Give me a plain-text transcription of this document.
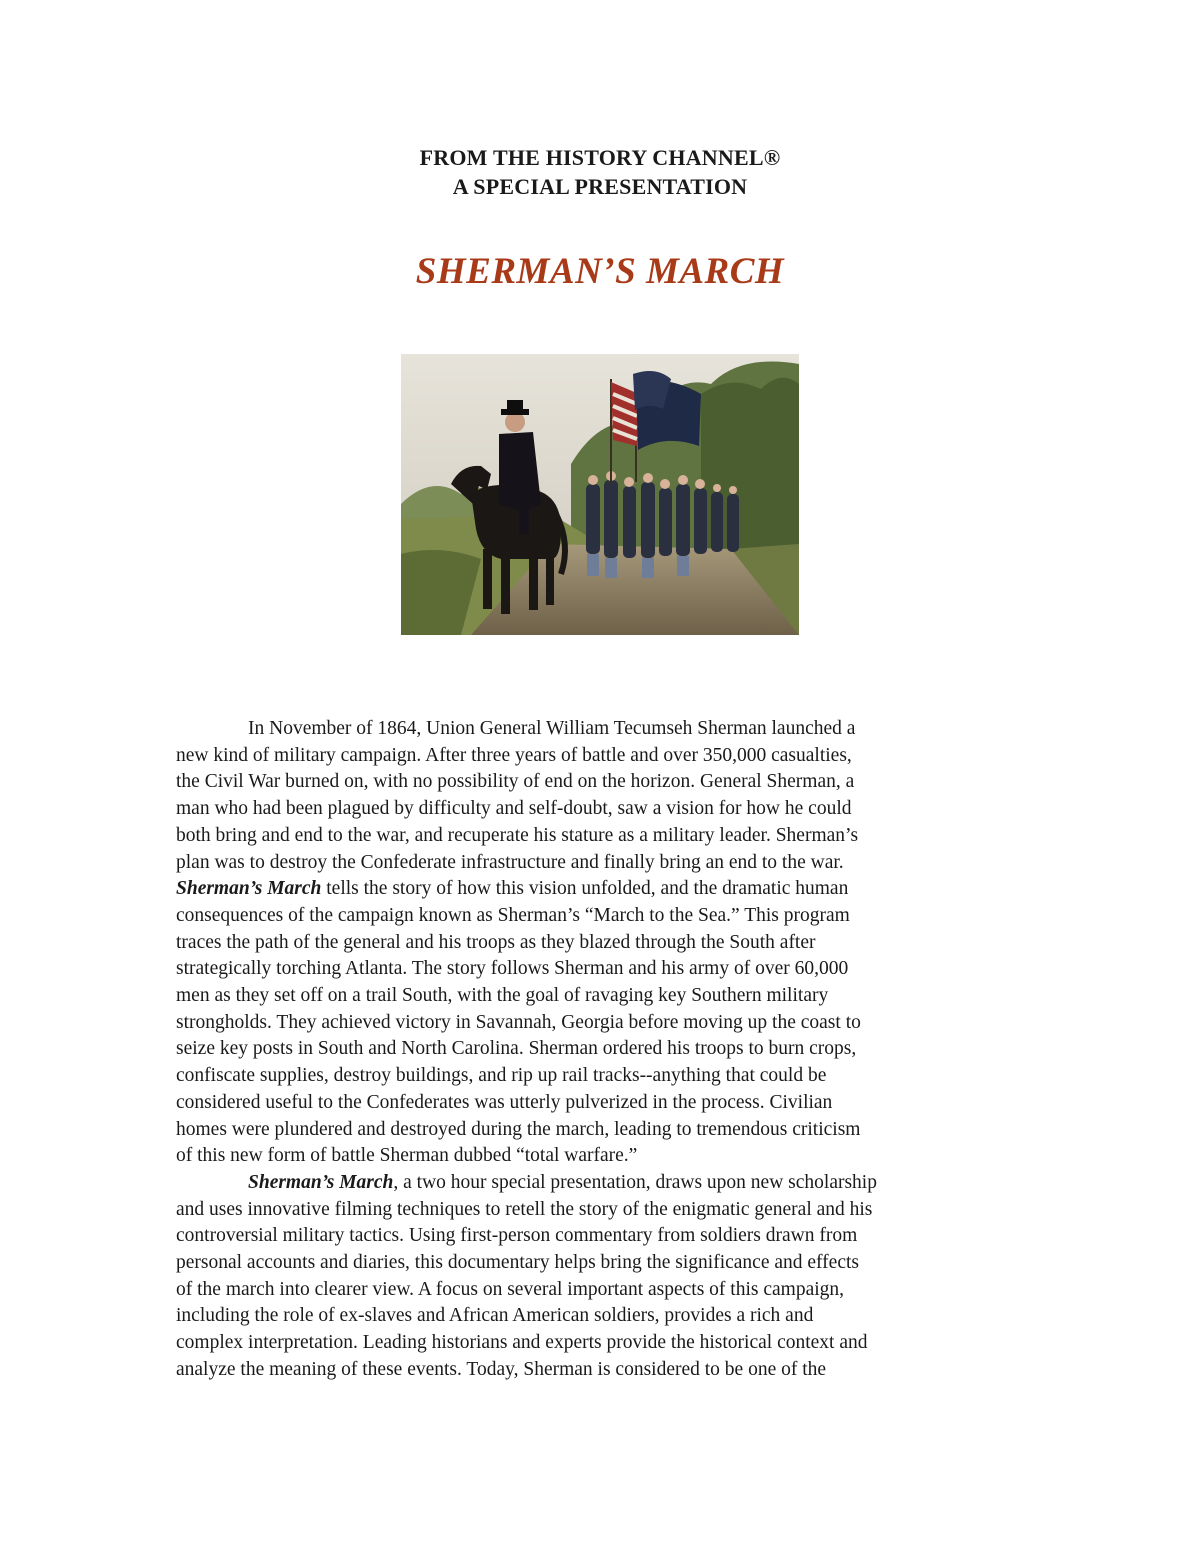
FROM THE HISTORY CHANNEL®
A SPECIAL PRESENTATION
SHERMAN’S MARCH
In November of 1864, Union General William Tecumseh Sherman launched a
new kind of military campaign. After three years of battle and over 350,000 casualties,
the Civil War burned on, with no possibility of end on the horizon. General Sherman, a
man who had been plagued by difficulty and self-doubt, saw a vision for how he could
both bring and end to the war, and recuperate his stature as a military leader. Sherman’s
plan was to destroy the Confederate infrastructure and finally bring an end to the war.
Sherman’s March tells the story of how this vision unfolded, and the dramatic human
consequences of the campaign known as Sherman’s “March to the Sea.” This program
traces the path of the general and his troops as they blazed through the South after
strategically torching Atlanta. The story follows Sherman and his army of over 60,000
men as they set off on a trail South, with the goal of ravaging key Southern military
strongholds. They achieved victory in Savannah, Georgia before moving up the coast to
seize key posts in South and North Carolina. Sherman ordered his troops to burn crops,
confiscate supplies, destroy buildings, and rip up rail tracks--anything that could be
considered useful to the Confederates was utterly pulverized in the process. Civilian
homes were plundered and destroyed during the march, leading to tremendous criticism
of this new form of battle Sherman dubbed “total warfare.”
Sherman’s March, a two hour special presentation, draws upon new scholarship
and uses innovative filming techniques to retell the story of the enigmatic general and his
controversial military tactics. Using first-person commentary from soldiers drawn from
personal accounts and diaries, this documentary helps bring the significance and effects
of the march into clearer view. A focus on several important aspects of this campaign,
including the role of ex-slaves and African American soldiers, provides a rich and
complex interpretation. Leading historians and experts provide the historical context and
analyze the meaning of these events. Today, Sherman is considered to be one of the
